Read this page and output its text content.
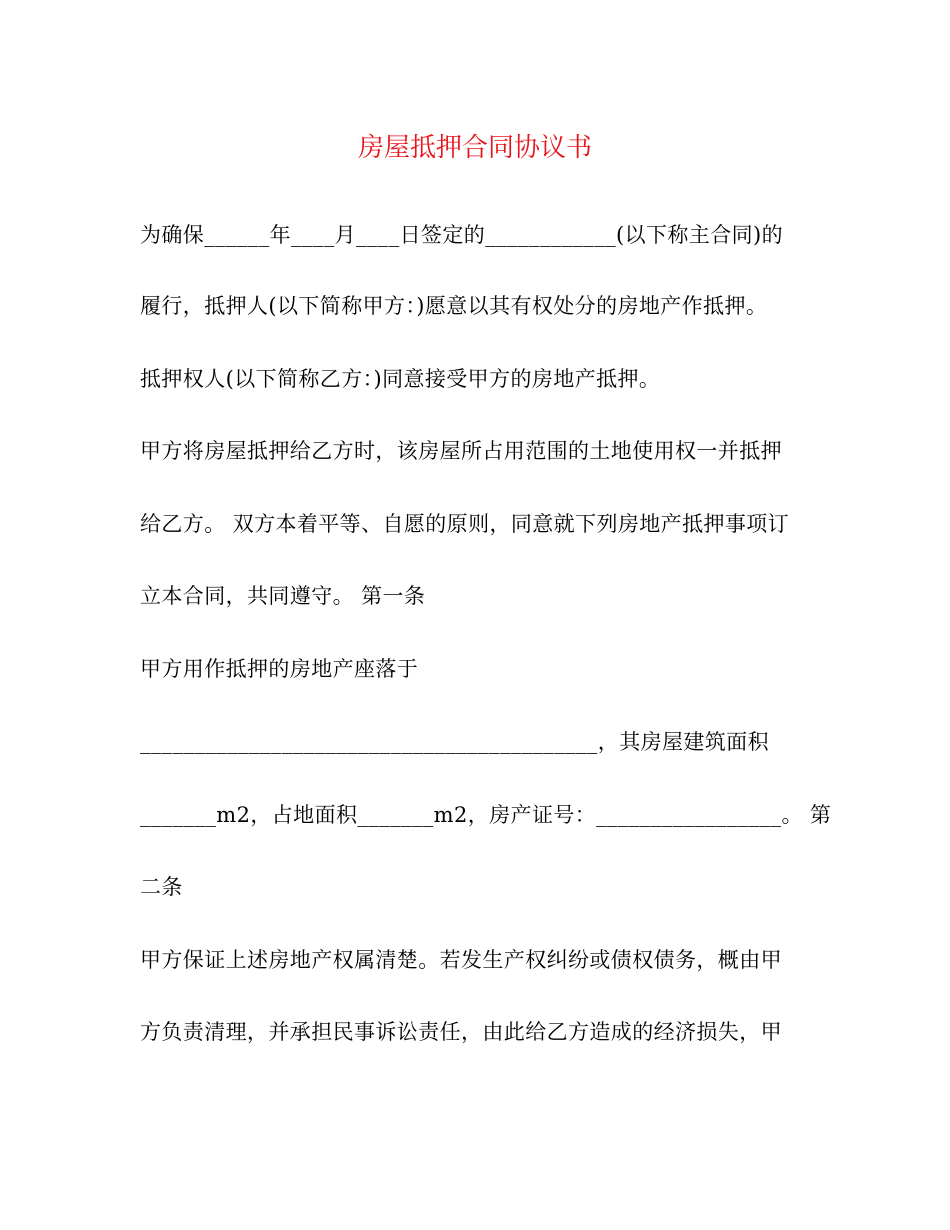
房屋抵押合同协议书
为确保______年____月____日签定的____________(以下称主合同)的
履行，抵押人(以下简称甲方：)愿意以其有权处分的房地产作抵押。
抵押权人(以下简称乙方：)同意接受甲方的房地产抵押。
甲方将房屋抵押给乙方时，该房屋所占用范围的土地使用权一并抵押
给乙方。 双方本着平等、自愿的原则，同意就下列房地产抵押事项订
立本合同，共同遵守。 第一条
甲方用作抵押的房地产座落于
__________________________________________，其房屋建筑面积
_______m2，占地面积_______m2，房产证号：_________________。 第
二条
甲方保证上述房地产权属清楚。若发生产权纠纷或债权债务，概由甲
方负责清理，并承担民事诉讼责任，由此给乙方造成的经济损失，甲
